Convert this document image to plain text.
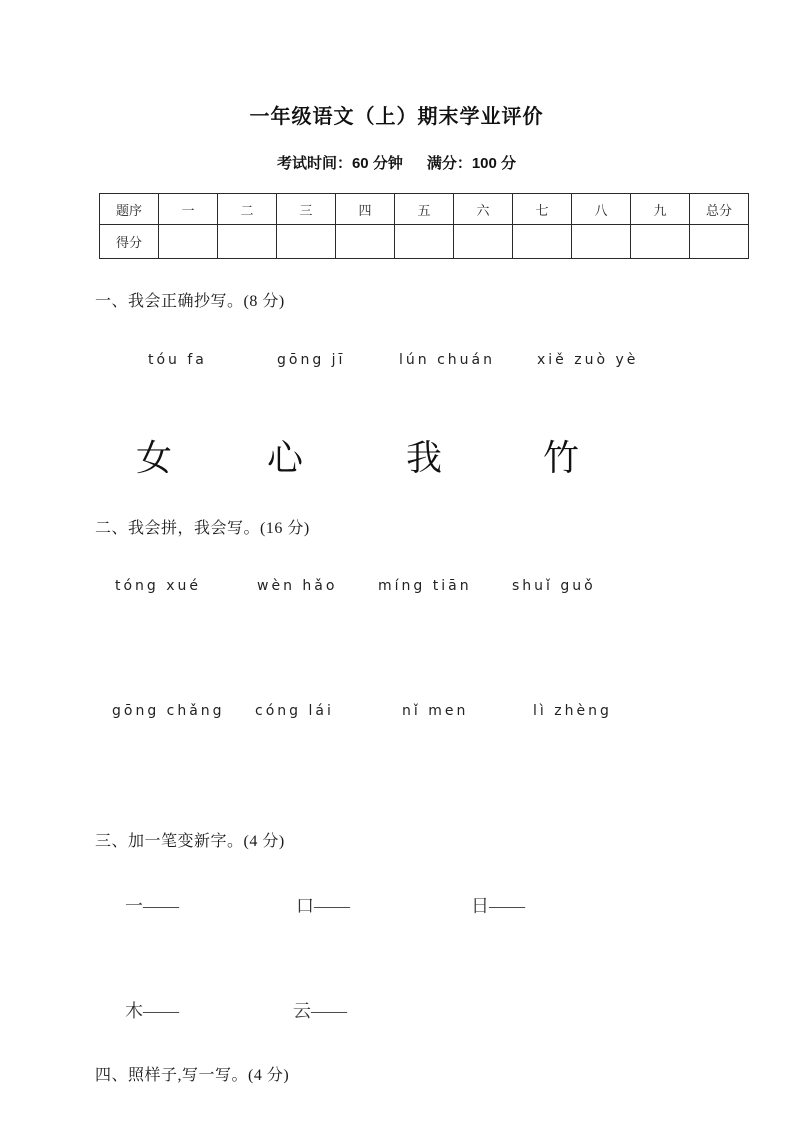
一年级语文（上）期末学业评价
考试时间：60 分钟 满分：100 分
题序	一	二	三	四	五	六	七	八	九	总分
得分										
一、我会正确抄写。(8 分)
tóu fa	gōng jī	lún chuán	xiě zuò yè
女	心	我	竹
二、我会拼，我会写。(16 分)
tóng xué	wèn hǎo	míng tiān	shuǐ guǒ
gōng chǎng cóng lái	nǐ men	lì zhèng
三、加一笔变新字。(4 分)
一——	口——	日——
木——	云——
四、照样子,写一写。(4 分)
